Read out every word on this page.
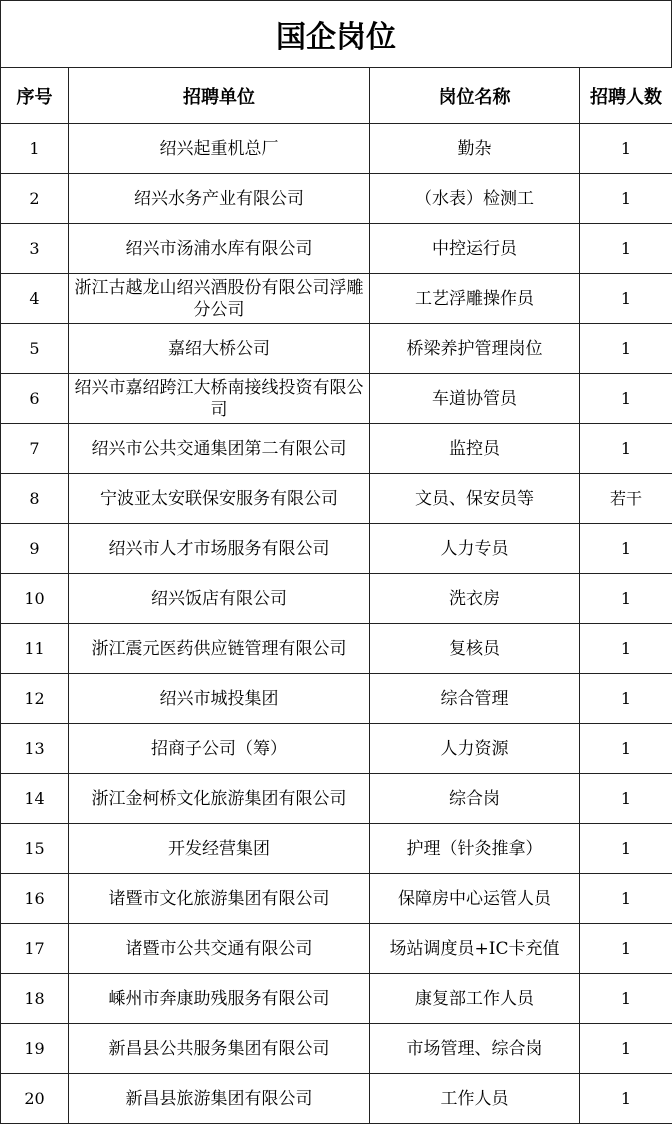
国企岗位
序号	招聘单位	岗位名称	招聘人数
1	绍兴起重机总厂	勤杂	1
2	绍兴水务产业有限公司	（水表）检测工	1
3	绍兴市汤浦水库有限公司	中控运行员	1
4	浙江古越龙山绍兴酒股份有限公司浮雕分公司	工艺浮雕操作员	1
5	嘉绍大桥公司	桥梁养护管理岗位	1
6	绍兴市嘉绍跨江大桥南接线投资有限公司	车道协管员	1
7	绍兴市公共交通集团第二有限公司	监控员	1
8	宁波亚太安联保安服务有限公司	文员、保安员等	若干
9	绍兴市人才市场服务有限公司	人力专员	1
10	绍兴饭店有限公司	洗衣房	1
11	浙江震元医药供应链管理有限公司	复核员	1
12	绍兴市城投集团	综合管理	1
13	招商子公司（筹）	人力资源	1
14	浙江金柯桥文化旅游集团有限公司	综合岗	1
15	开发经营集团	护理（针灸推拿）	1
16	诸暨市文化旅游集团有限公司	保障房中心运管人员	1
17	诸暨市公共交通有限公司	场站调度员+IC卡充值	1
18	嵊州市奔康助残服务有限公司	康复部工作人员	1
19	新昌县公共服务集团有限公司	市场管理、综合岗	1
20	新昌县旅游集团有限公司	工作人员	1
